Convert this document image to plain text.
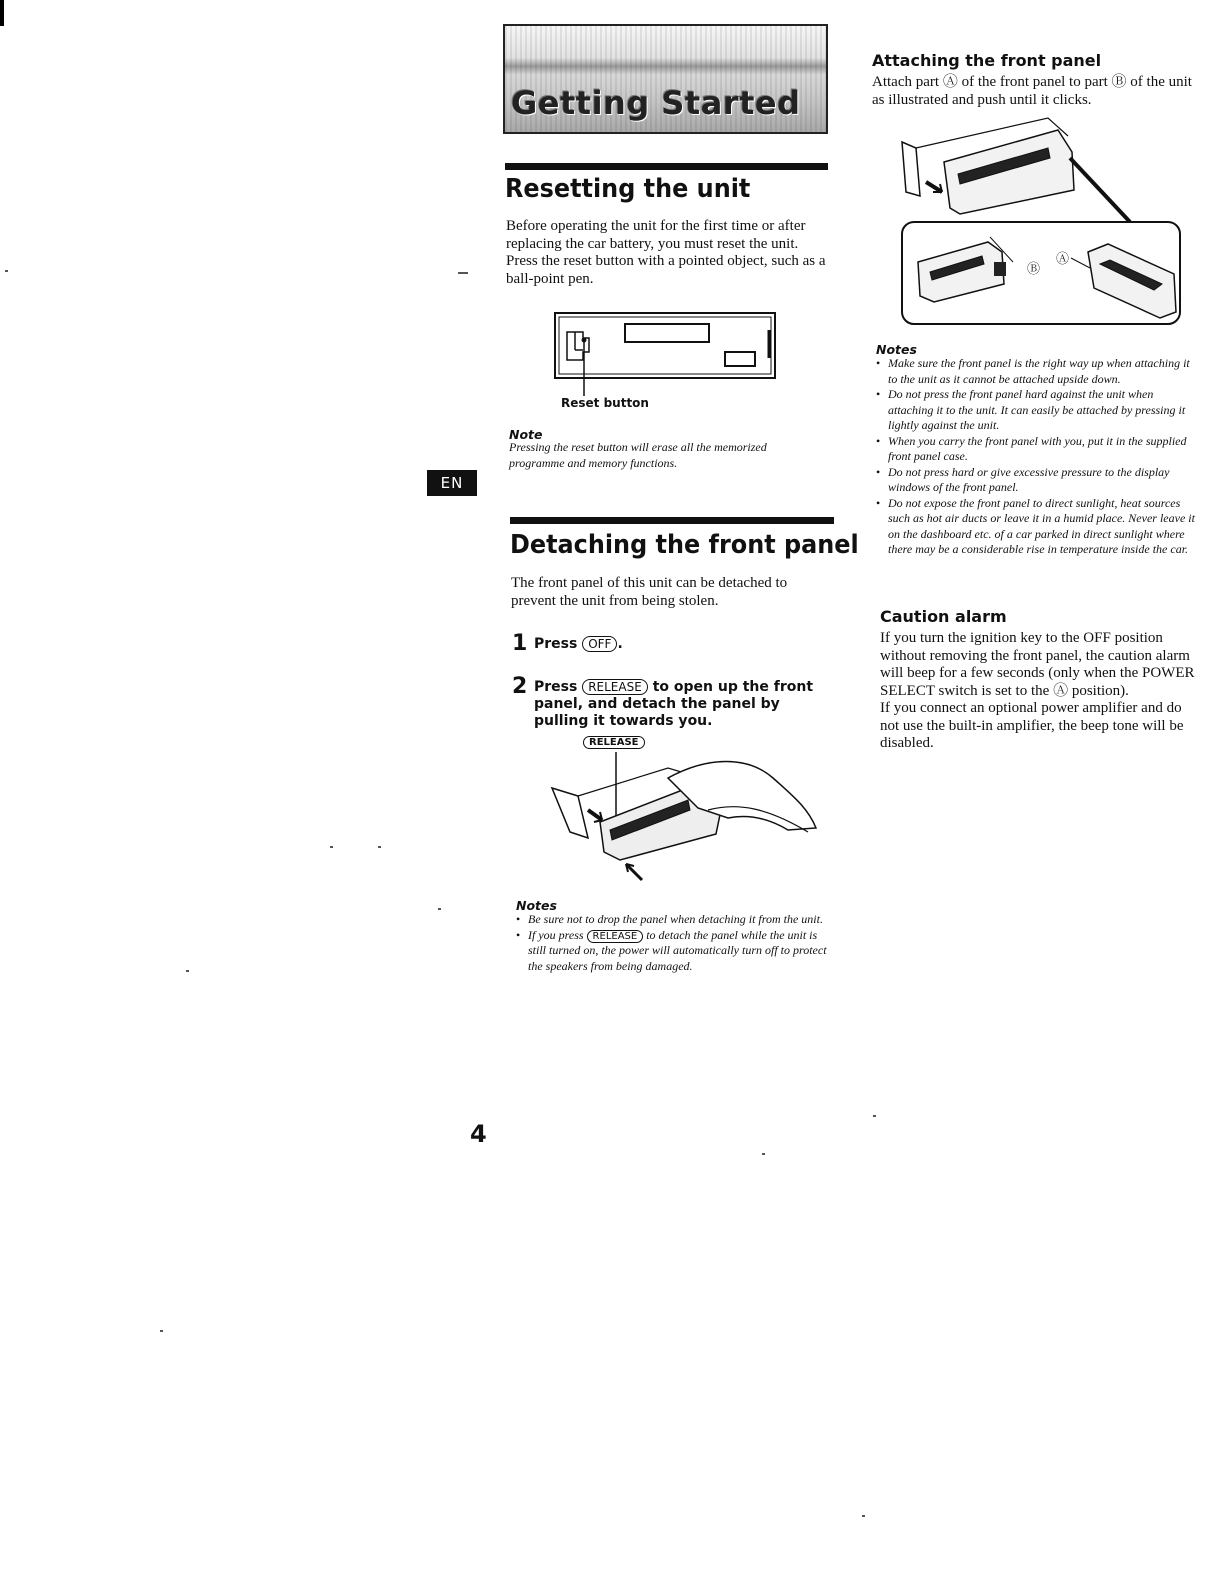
Getting Started
Resetting the unit
Before operating the unit for the first time or after replacing the car battery, you must reset the unit.
Press the reset button with a pointed object, such as a ball-point pen.
Reset button
Note
Pressing the reset button will erase all the memorized programme and memory functions.
EN
Detaching the front panel
The front panel of this unit can be detached to prevent the unit from being stolen.
1 Press OFF .
2 Press RELEASE to open up the front panel, and detach the panel by pulling it towards you.
RELEASE
Notes
• Be sure not to drop the panel when detaching it from the unit.
• If you press RELEASE to detach the panel while the unit is still turned on, the power will automatically turn off to protect the speakers from being damaged.
Attaching the front panel
Attach part Ⓐ of the front panel to part Ⓑ of the unit as illustrated and push until it clicks.
Ⓑ
Ⓐ
Notes
• Make sure the front panel is the right way up when attaching it to the unit as it cannot be attached upside down.
• Do not press the front panel hard against the unit when attaching it to the unit. It can easily be attached by pressing it lightly against the unit.
• When you carry the front panel with you, put it in the supplied front panel case.
• Do not press hard or give excessive pressure to the display windows of the front panel.
• Do not expose the front panel to direct sunlight, heat sources such as hot air ducts or leave it in a humid place. Never leave it on the dashboard etc. of a car parked in direct sunlight where there may be a considerable rise in temperature inside the car.
Caution alarm
If you turn the ignition key to the OFF position without removing the front panel, the caution alarm will beep for a few seconds (only when the POWER SELECT switch is set to the Ⓐ position).
If you connect an optional power amplifier and do not use the built-in amplifier, the beep tone will be disabled.
4
